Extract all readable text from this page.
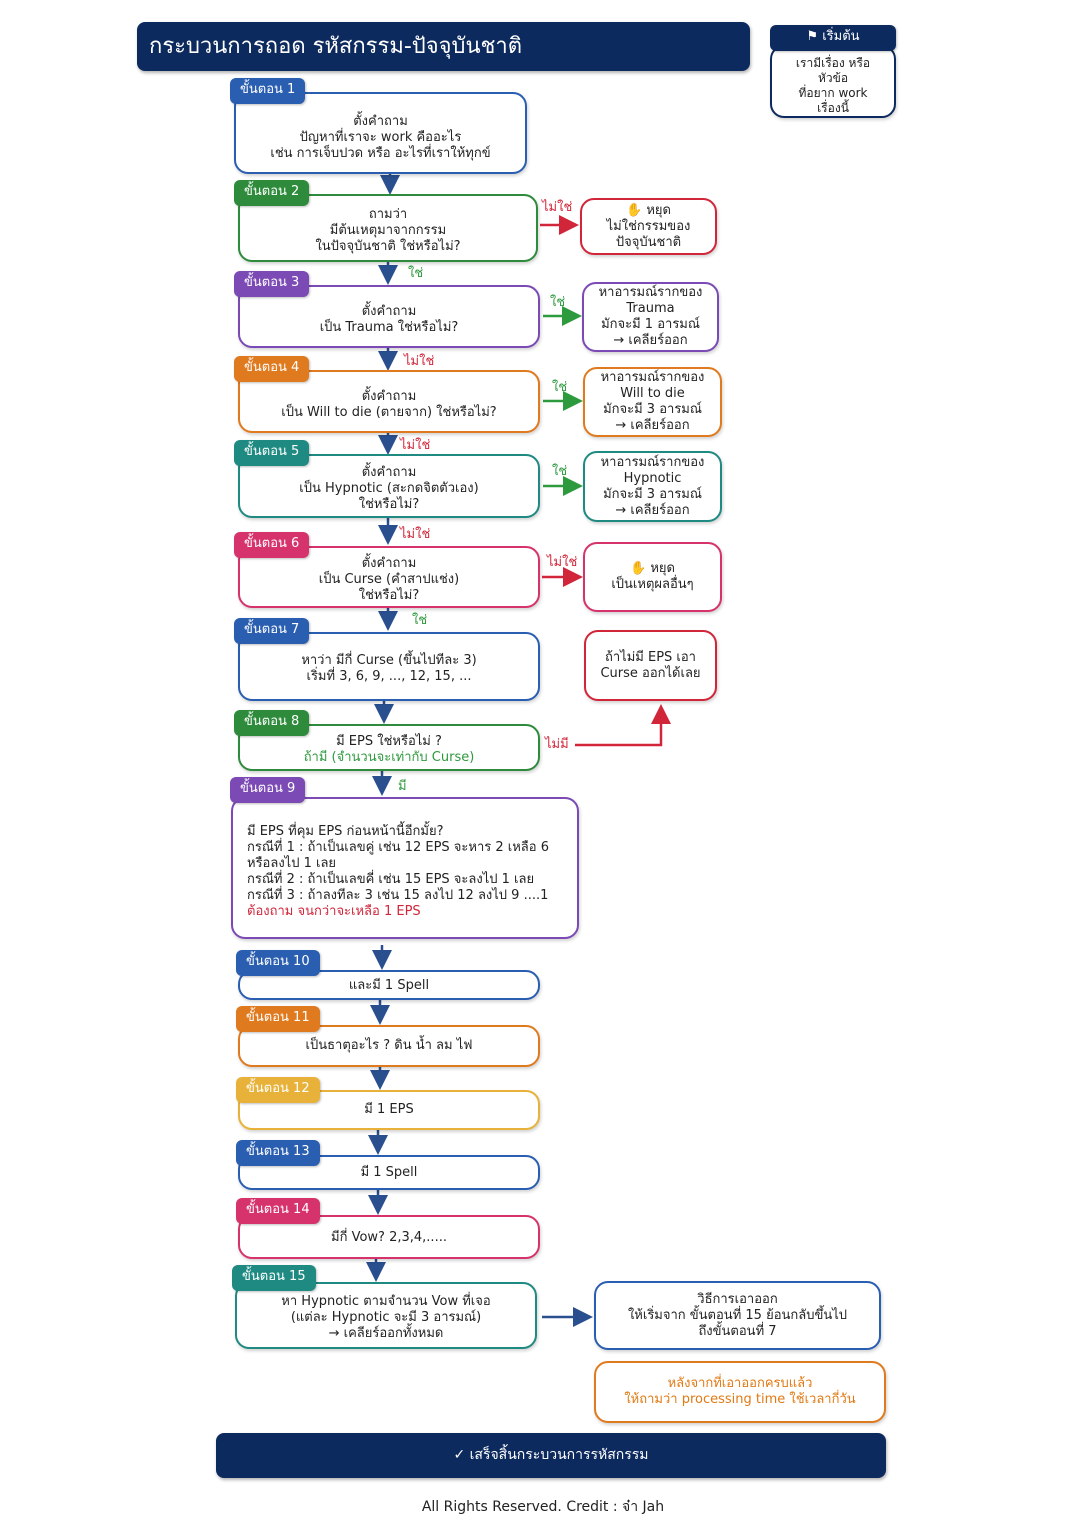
กระบวนการถอด รหัสกรรม-ปัจจุบันชาติ
เรามีเรื่อง หรือ
หัวข้อ
ที่อยาก work
เรื่องนี้
⚑ เริ่มต้น
ตั้งคำถาม
ปัญหาที่เราจะ work คืออะไร
เช่น การเจ็บปวด หรือ อะไรที่เราให้ทุกข์
ขั้นตอน 1
ถามว่า
มีต้นเหตุมาจากกรรม
ในปัจจุบันชาติ ใช่หรือไม่?
ขั้นตอน 2
ไม่ใช่	✋ หยุด
ไม่ใช่กรรมของ
ปัจจุบันชาติ
ใช่
ตั้งคำถาม
เป็น Trauma ใช่หรือไม่?
ขั้นตอน 3
ใช่
หาอารมณ์รากของ
Trauma
มักจะมี 1 อารมณ์
→ เคลียร์ออก
ไม่ใช่
ตั้งคำถาม
เป็น Will to die (ตายจาก) ใช่หรือไม่?
ขั้นตอน 4
ใช่
หาอารมณ์รากของ
Will to die
มักจะมี 3 อารมณ์
→ เคลียร์ออก
ไม่ใช่
ตั้งคำถาม
เป็น Hypnotic (สะกดจิตตัวเอง)
ใช่หรือไม่?
ขั้นตอน 5
ใช่
หาอารมณ์รากของ
Hypnotic
มักจะมี 3 อารมณ์
→ เคลียร์ออก
ไม่ใช่
ตั้งคำถาม
เป็น Curse (คำสาปแช่ง)
ใช่หรือไม่?
ขั้นตอน 6
ไม่ใช่	✋ หยุด
เป็นเหตุผลอื่นๆ
ใช่
หาว่า มีกี่ Curse (ขึ้นไปทีละ 3)
เริ่มที่ 3, 6, 9, ..., 12, 15, ...
ขั้นตอน 7
ถ้าไม่มี EPS เอา
Curse ออกได้เลย
มี EPS ใช่หรือไม่ ?
ถ้ามี (จำนวนจะเท่ากับ Curse)
ขั้นตอน 8
ไม่มี
มี
มี EPS ที่คุม EPS ก่อนหน้านี้อีกมั้ย?
กรณีที่ 1 : ถ้าเป็นเลขคู่ เช่น 12 EPS จะหาร 2 เหลือ 6
หรือลงไป 1 เลย
กรณีที่ 2 : ถ้าเป็นเลขคี่ เช่น 15 EPS จะลงไป 1 เลย
กรณีที่ 3 : ถ้าลงทีละ 3 เช่น 15 ลงไป 12 ลงไป 9 ....1
ต้องถาม จนกว่าจะเหลือ 1 EPS
ขั้นตอน 9
และมี 1 Spell
ขั้นตอน 10
เป็นธาตุอะไร ? ดิน น้ำ ลม ไฟ
ขั้นตอน 11
มี 1 EPS
ขั้นตอน 12
มี 1 Spell
ขั้นตอน 13
มีกี่ Vow? 2,3,4,.....
ขั้นตอน 14
หา Hypnotic ตามจำนวน Vow ที่เจอ
(แต่ละ Hypnotic จะมี 3 อารมณ์)
→ เคลียร์ออกทั้งหมด
ขั้นตอน 15
วิธีการเอาออก
ให้เริ่มจาก ขั้นตอนที่ 15 ย้อนกลับขึ้นไป
ถึงขั้นตอนที่ 7
หลังจากที่เอาออกครบแล้ว
ให้ถามว่า processing time ใช้เวลากี่วัน
✓ เสร็จสิ้นกระบวนการรหัสกรรม
All Rights Reserved. Credit : จ๋า Jah
